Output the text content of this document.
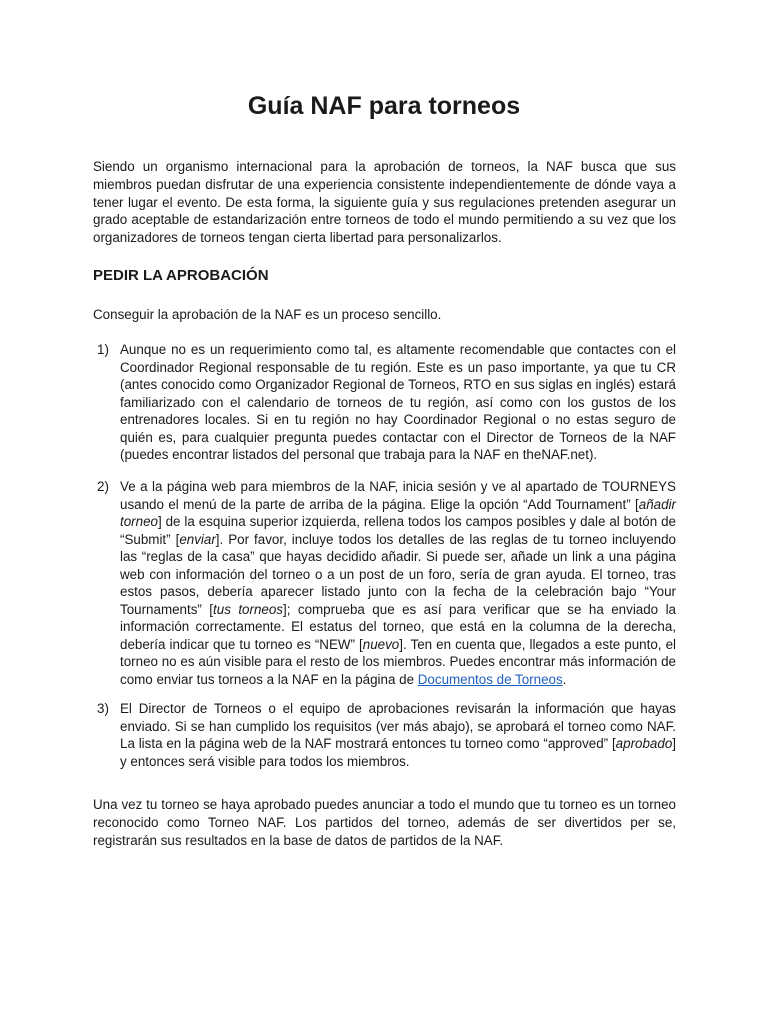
Guía NAF para torneos

Siendo un organismo internacional para la aprobación de torneos, la NAF busca que sus miembros puedan disfrutar de una experiencia consistente independientemente de dónde vaya a tener lugar el evento. De esta forma, la siguiente guía y sus regulaciones pretenden asegurar un grado aceptable de estandarización entre torneos de todo el mundo permitiendo a su vez que los organizadores de torneos tengan cierta libertad para personalizarlos.

PEDIR LA APROBACIÓN

Conseguir la aprobación de la NAF es un proceso sencillo.

1) Aunque no es un requerimiento como tal, es altamente recomendable que contactes con el Coordinador Regional responsable de tu región. Este es un paso importante, ya que tu CR (antes conocido como Organizador Regional de Torneos, RTO en sus siglas en inglés) estará familiarizado con el calendario de torneos de tu región, así como con los gustos de los entrenadores locales. Si en tu región no hay Coordinador Regional o no estas seguro de quién es, para cualquier pregunta puedes contactar con el Director de Torneos de la NAF (puedes encontrar listados del personal que trabaja para la NAF en theNAF.net).
2) Ve a la página web para miembros de la NAF, inicia sesión y ve al apartado de TOURNEYS usando el menú de la parte de arriba de la página. Elige la opción “Add Tournament” [añadir torneo] de la esquina superior izquierda, rellena todos los campos posibles y dale al botón de “Submit” [enviar]. Por favor, incluye todos los detalles de las reglas de tu torneo incluyendo las “reglas de la casa” que hayas decidido añadir. Si puede ser, añade un link a una página web con información del torneo o a un post de un foro, sería de gran ayuda. El torneo, tras estos pasos, debería aparecer listado junto con la fecha de la celebración bajo “Your Tournaments” [tus torneos]; comprueba que es así para verificar que se ha enviado la información correctamente. El estatus del torneo, que está en la columna de la derecha, debería indicar que tu torneo es “NEW” [nuevo]. Ten en cuenta que, llegados a este punto, el torneo no es aún visible para el resto de los miembros. Puedes encontrar más información de como enviar tus torneos a la NAF en la página de Documentos de Torneos.
3) El Director de Torneos o el equipo de aprobaciones revisarán la información que hayas enviado. Si se han cumplido los requisitos (ver más abajo), se aprobará el torneo como NAF. La lista en la página web de la NAF mostrará entonces tu torneo como “approved” [aprobado] y entonces será visible para todos los miembros.

Una vez tu torneo se haya aprobado puedes anunciar a todo el mundo que tu torneo es un torneo reconocido como Torneo NAF. Los partidos del torneo, además de ser divertidos per se, registrarán sus resultados en la base de datos de partidos de la NAF.
